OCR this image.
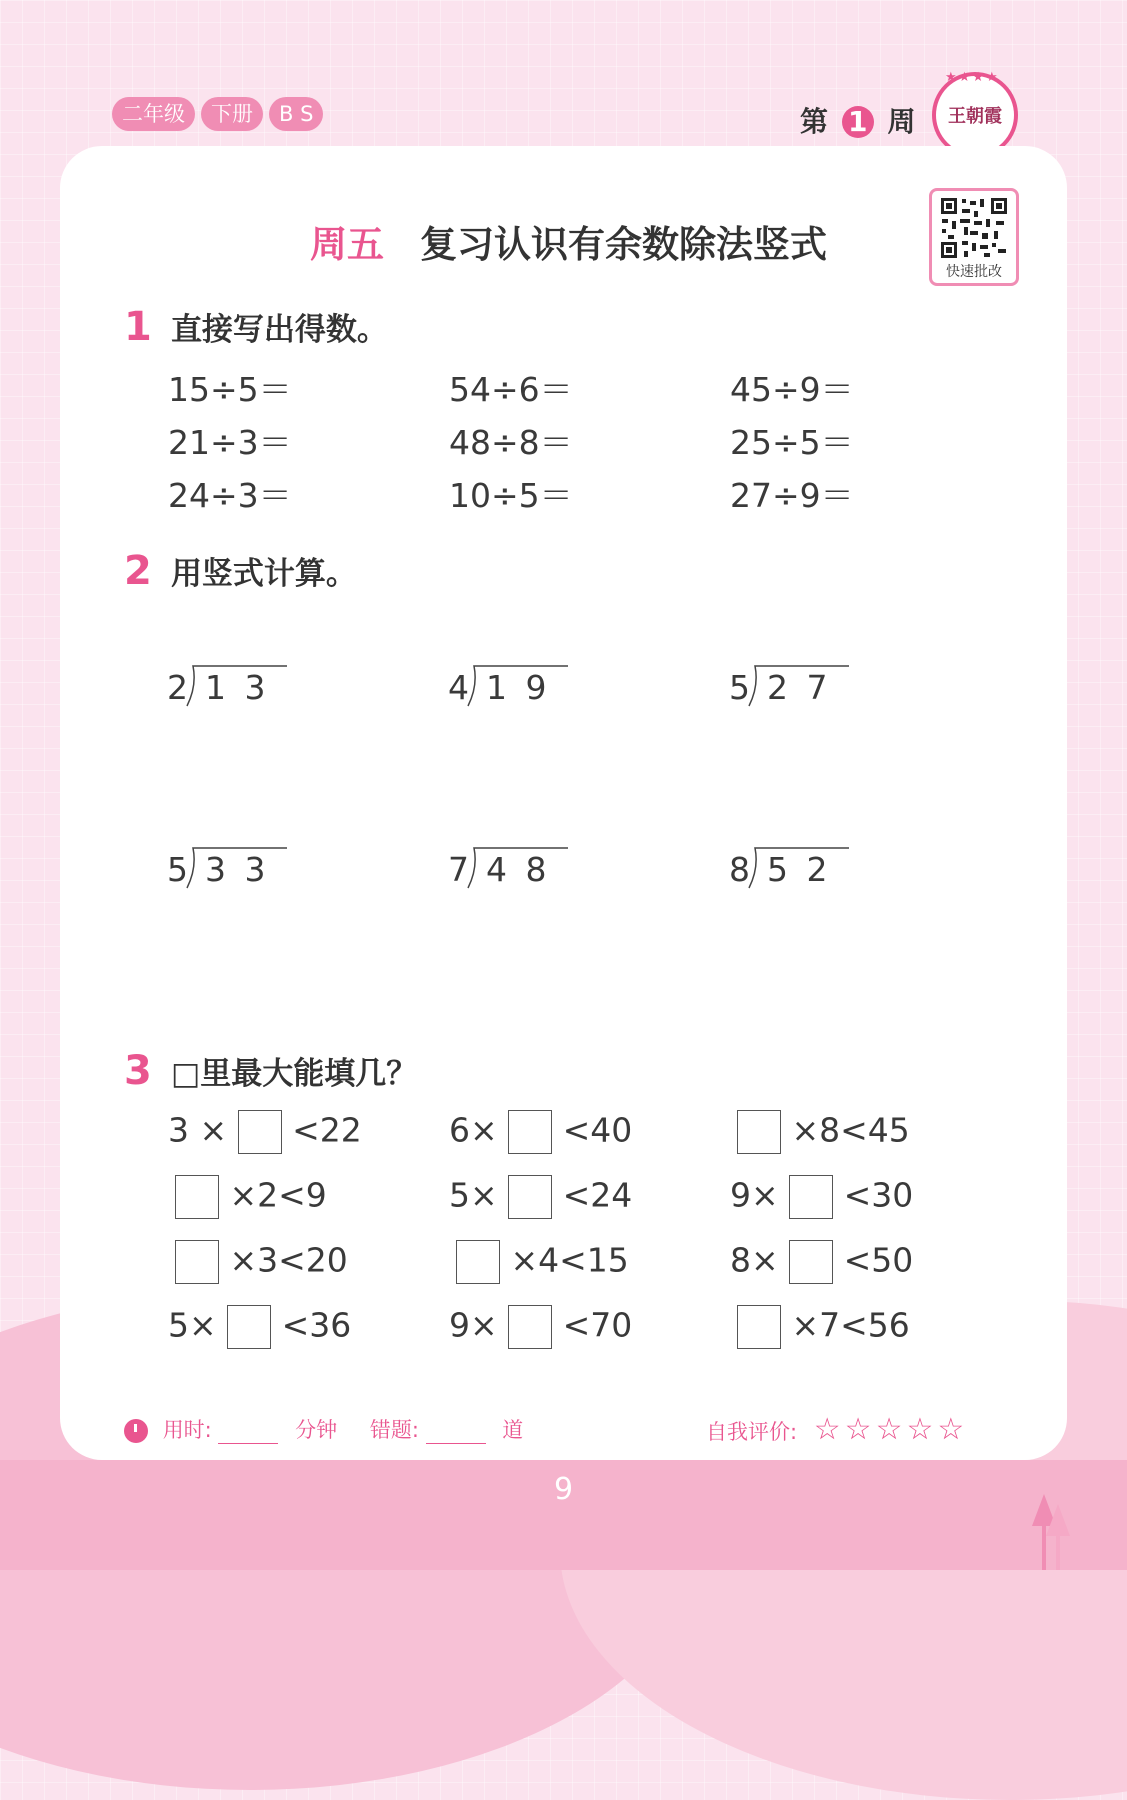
二年级 下册 B S	第 1 周	王朝霞
★★★★
快速批改
周五 复习认识有余数除法竖式
1 直接写出得数。
15÷5＝	54÷6＝	45÷9＝
21÷3＝	48÷8＝	25÷5＝
24÷3＝	10÷5＝	27÷9＝
2 用竖式计算。
2 1 3	4 1 9	5 2 7
5 3 3	7 4 8	8 5 2
3 □里最大能填几？
3 × <22	6× <40	×8<45
×2<9	5× <24	9× <30
×3<20	×4<15	8× <50
5× <36	9× <70	×7<56
用时:	分钟 错题:	道	自我评价: ☆ ☆ ☆ ☆ ☆
9
